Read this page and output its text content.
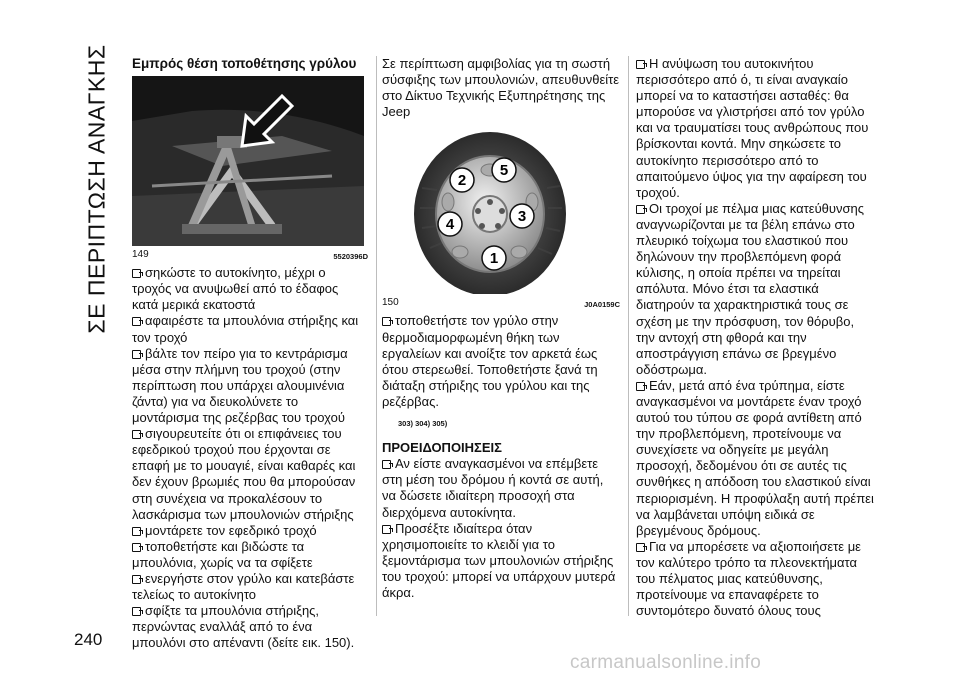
ΣΕ ΠΕΡΙΠΤΩΣΗ ΑΝΑΓΚΗΣ
240
Εμπρός θέση τοποθέτησης γρύλου
149	5520396D

σηκώστε το αυτοκίνητο, μέχρι ο τροχός να ανυψωθεί από το έδαφος κατά μερικά εκατοστά

αφαιρέστε τα μπουλόνια στήριξης και τον τροχό

βάλτε τον πείρο για το κεντράρισμα μέσα στην πλήμνη του τροχού (στην περίπτωση που υπάρχει αλουμινένια ζάντα) για να διευκολύνετε το μοντάρισμα της ρεζέρβας του τροχού

σιγουρευτείτε ότι οι επιφάνειες του εφεδρικού τροχού που έρχονται σε επαφή με το μουαγιέ, είναι καθαρές και δεν έχουν βρωμιές που θα μπορούσαν στη συνέχεια να προκαλέσουν το λασκάρισμα των μπουλονιών στήριξης

μοντάρετε τον εφεδρικό τροχό

τοποθετήστε και βιδώστε τα μπουλόνια, χωρίς να τα σφίξετε

ενεργήστε στον γρύλο και κατεβάστε τελείως το αυτοκίνητο

σφίξτε τα μπουλόνια στήριξης, περνώντας εναλλάξ από το ένα μπουλόνι στο απέναντι (δείτε εικ. 150).

Σε περίπτωση αμφιβολίας για τη σωστή σύσφιξης των μπουλονιών, απευθυνθείτε στο Δίκτυο Τεχνικής Εξυπηρέτησης της Jeep

2
5
3
4
1
150	J0A0159C

τοποθετήστε τον γρύλο στην θερμοδιαμορφωμένη θήκη των εργαλείων και ανοίξτε τον αρκετά έως ότου στερεωθεί. Τοποθετήστε ξανά τη διάταξη στήριξης του γρύλου και της ρεζέρβας.

303) 304) 305)
ΠΡΟΕΙΔΟΠΟΙΗΣΕΙΣ

Αν είστε αναγκασμένοι να επέμβετε στη μέση του δρόμου ή κοντά σε αυτή, να δώσετε ιδιαίτερη προσοχή στα διερχόμενα αυτοκίνητα.

Προσέξτε ιδιαίτερα όταν χρησιμοποιείτε το κλειδί για το ξεμοντάρισμα των μπουλονιών στήριξης του τροχού: μπορεί να υπάρχουν μυτερά άκρα.

Η ανύψωση του αυτοκινήτου περισσότερο από ό, τι είναι αναγκαίο μπορεί να το καταστήσει ασταθές: θα μπορούσε να γλιστρήσει από τον γρύλο και να τραυματίσει τους ανθρώπους που βρίσκονται κοντά. Μην σηκώσετε το αυτοκίνητο περισσότερο από το απαιτούμενο ύψος για την αφαίρεση του τροχού.

Οι τροχοί με πέλμα μιας κατεύθυνσης αναγνωρίζονται με τα βέλη επάνω στο πλευρικό τοίχωμα του ελαστικού που δηλώνουν την προβλεπόμενη φορά κύλισης, η οποία πρέπει να τηρείται απόλυτα. Μόνο έτσι τα ελαστικά διατηρούν τα χαρακτηριστικά τους σε σχέση με την πρόσφυση, τον θόρυβο, την αντοχή στη φθορά και την αποστράγγιση επάνω σε βρεγμένο οδόστρωμα.

Εάν, μετά από ένα τρύπημα, είστε αναγκασμένοι να μοντάρετε έναν τροχό αυτού του τύπου σε φορά αντίθετη από την προβλεπόμενη, προτείνουμε να συνεχίσετε να οδηγείτε με μεγάλη προσοχή, δεδομένου ότι σε αυτές τις συνθήκες η απόδοση του ελαστικού είναι περιορισμένη. Η προφύλαξη αυτή πρέπει να λαμβάνεται υπόψη ειδικά σε βρεγμένους δρόμους.

Για να μπορέσετε να αξιοποιήσετε με τον καλύτερο τρόπο τα πλεονεκτήματα του πέλματος μιας κατεύθυνσης, προτείνουμε να επαναφέρετε το συντομότερο δυνατό όλους τους

carmanualsonline.info
